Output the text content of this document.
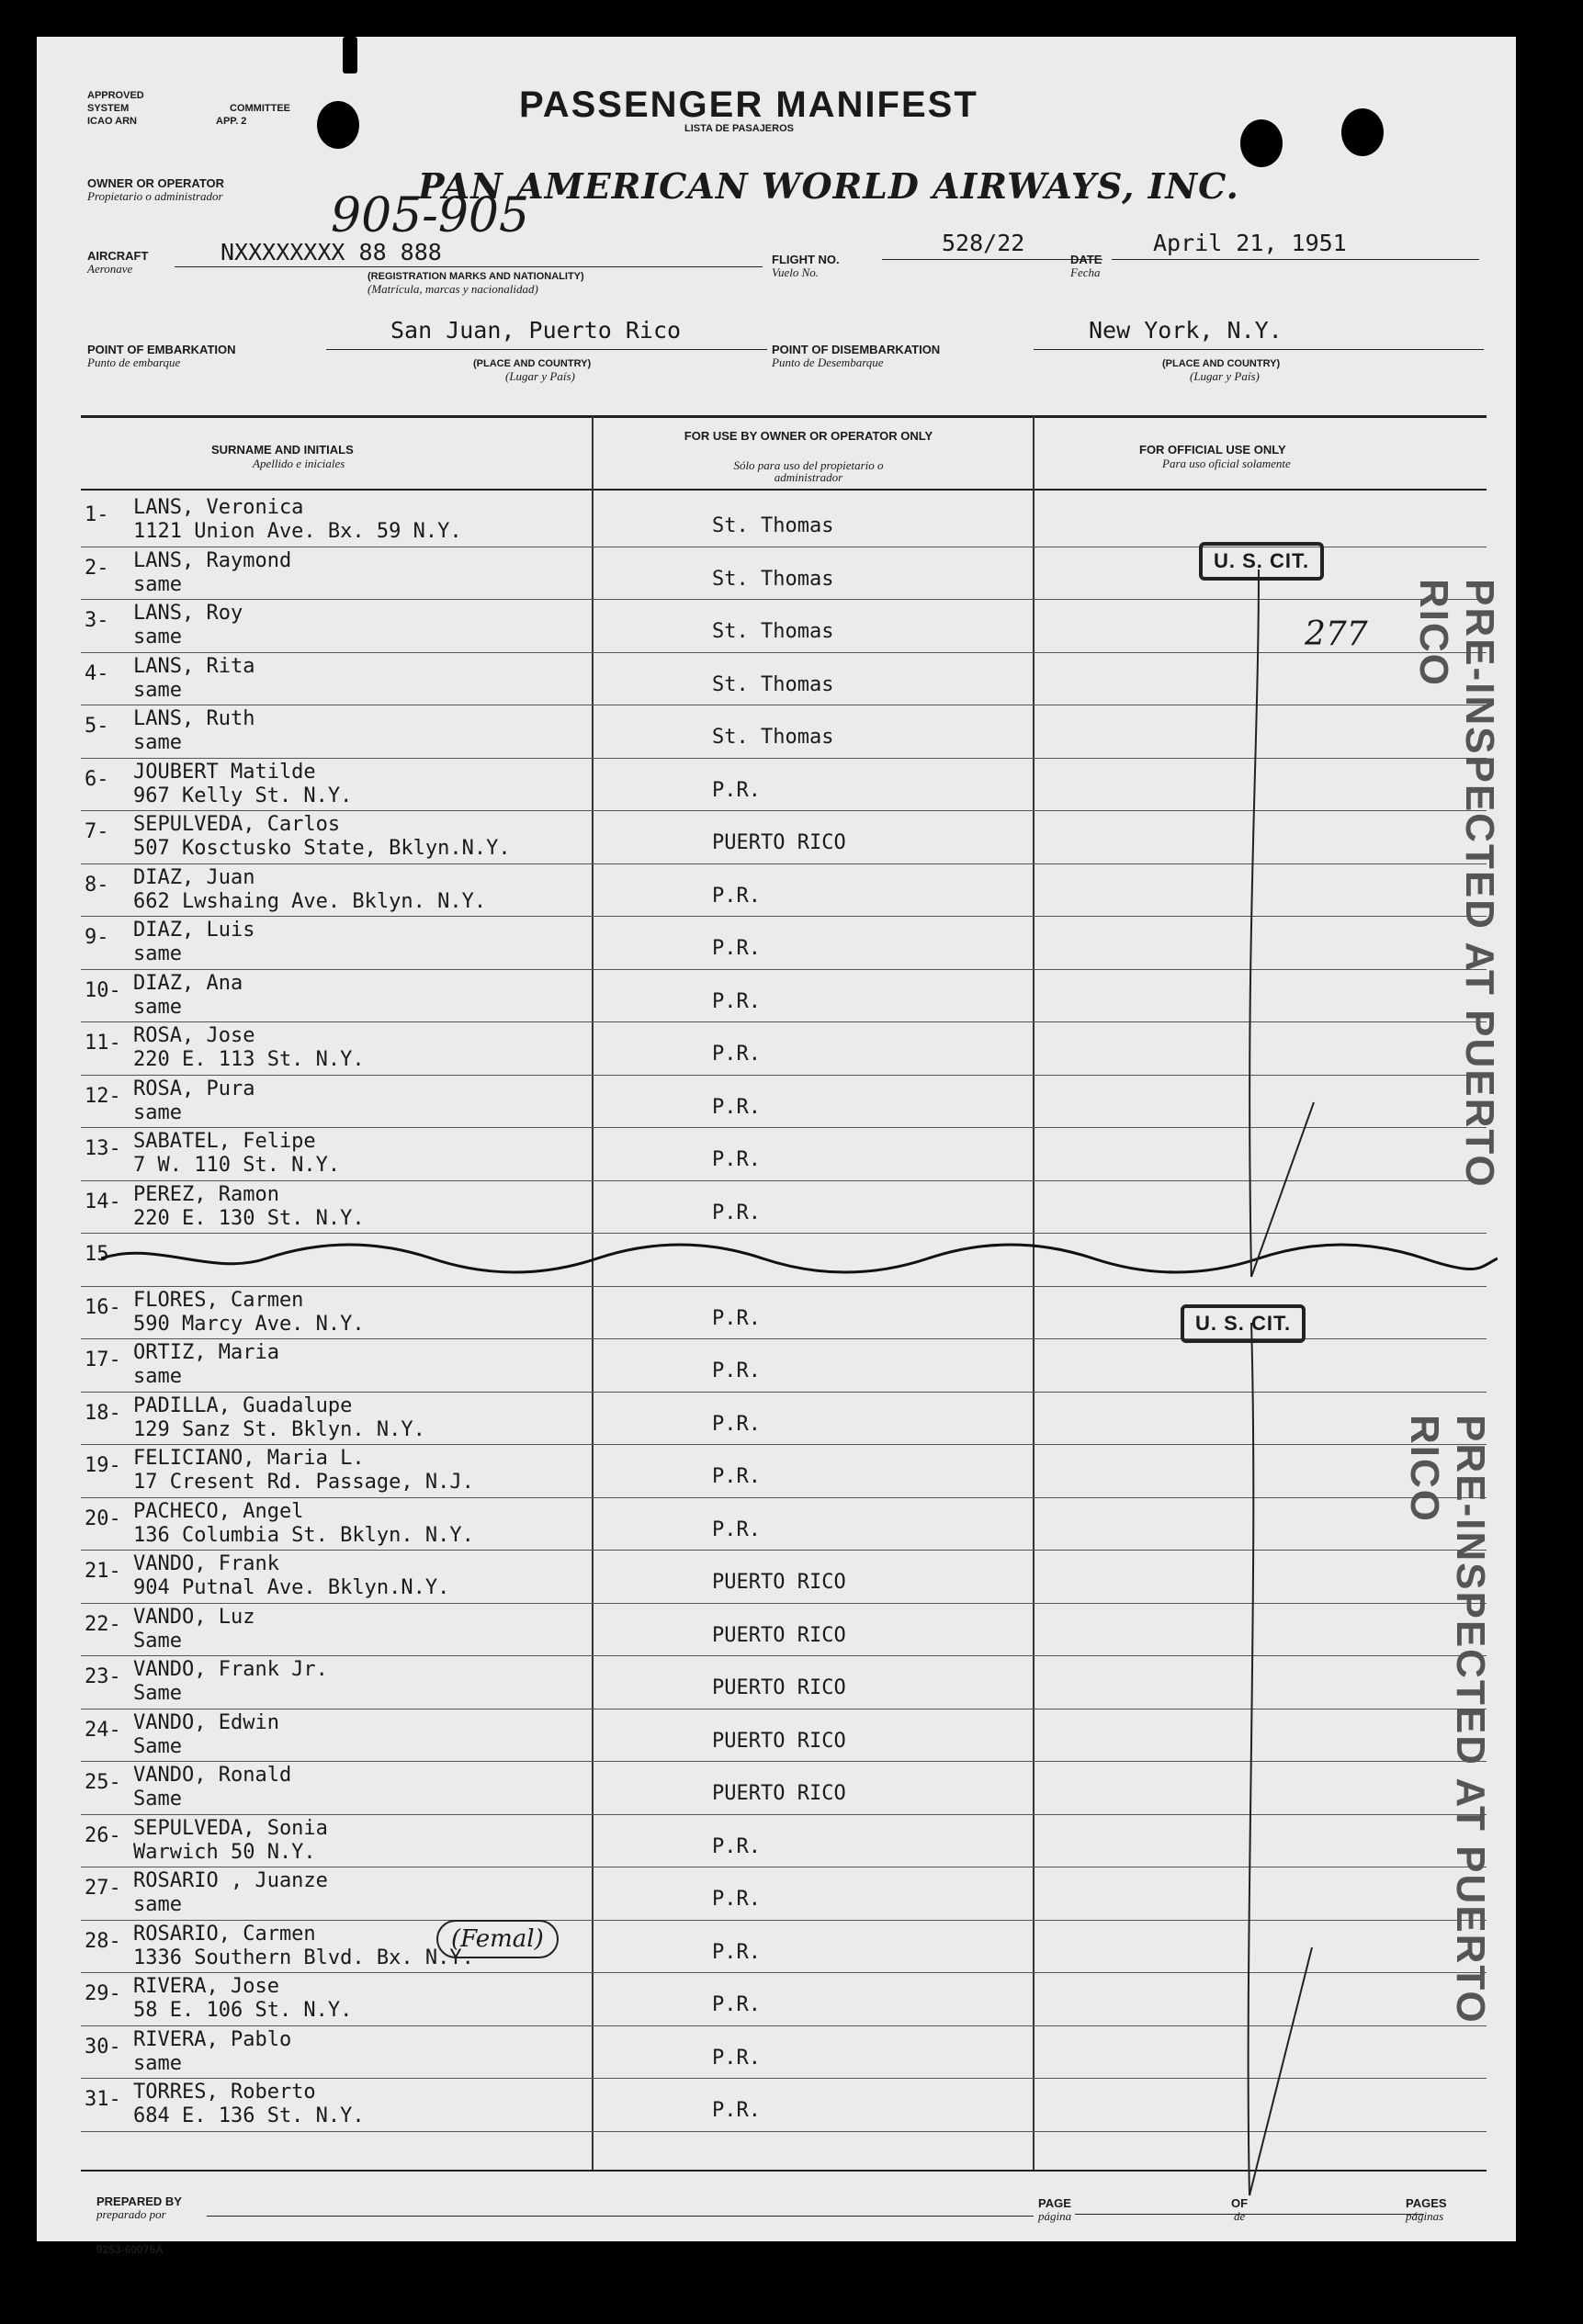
APPROVED
SYSTEM	COMMITTEE
ICAO ARN	APP. 2	PASSENGER MANIFEST
LISTA DE PASAJEROS
OWNER OR OPERATOR
Propietario o administrador	PAN AMERICAN WORLD AIRWAYS, INC.
905-905
AIRCRAFT
Aeronave
NXXXXXXXX 88 888
(REGISTRATION MARKS AND NATIONALITY)
(Matrícula, marcas y nacionalidad)
FLIGHT NO.
Vuelo No.
528/22
DATE
Fecha
April 21, 1951
POINT OF EMBARKATION
Punto de embarque
San Juan, Puerto Rico
(PLACE AND COUNTRY)
(Lugar y País)
POINT OF DISEMBARKATION
Punto de Desembarque
New York, N.Y.
(PLACE AND COUNTRY)
(Lugar y País)
SURNAME AND INITIALS
Apellido e iniciales
FOR USE BY OWNER OR OPERATOR ONLY
Sólo para uso del propietario o administrador
FOR OFFICIAL USE ONLY
Para uso oficial solamente
1- LANS, Veronica
1121 Union Ave. Bx. 59 N.Y.	St. Thomas
2- LANS, Raymond
same	St. Thomas
3- LANS, Roy
same	St. Thomas
4- LANS, Rita
same	St. Thomas
5- LANS, Ruth
same	St. Thomas
6- JOUBERT Matilde
967 Kelly St. N.Y.	P.R.
7- SEPULVEDA, Carlos
507 Kosctusko State, Bklyn.N.Y.	PUERTO RICO
8- DIAZ, Juan
662 Lwshaing Ave. Bklyn. N.Y.	P.R.
9- DIAZ, Luis
same	P.R.
10- DIAZ, Ana
same	P.R.
11- ROSA, Jose
220 E. 113 St. N.Y.	P.R.
12- ROSA, Pura
same	P.R.
13- SABATEL, Felipe
7 W. 110 St. N.Y.	P.R.
14- PEREZ, Ramon
220 E. 130 St. N.Y.	P.R.
15
16- FLORES, Carmen
590 Marcy Ave. N.Y.	P.R.
17- ORTIZ, Maria
same	P.R.
18- PADILLA, Guadalupe
129 Sanz St. Bklyn. N.Y.	P.R.
19- FELICIANO, Maria L.
17 Cresent Rd. Passage, N.J.	P.R.
20- PACHECO, Angel
136 Columbia St. Bklyn. N.Y.	P.R.
21- VANDO, Frank
904 Putnal Ave. Bklyn.N.Y.	PUERTO RICO
22- VANDO, Luz
Same	PUERTO RICO
23- VANDO, Frank Jr.
Same	PUERTO RICO
24- VANDO, Edwin
Same	PUERTO RICO
25- VANDO, Ronald
Same	PUERTO RICO
26- SEPULVEDA, Sonia
Warwich 50 N.Y.	P.R.
27- ROSARIO , Juanze
same	P.R.
28- ROSARIO, Carmen
1336 Southern Blvd. Bx. N.Y.	P.R.
29- RIVERA, Jose
58 E. 106 St. N.Y.	P.R.
30- RIVERA, Pablo
same	P.R.
31- TORRES, Roberto
684 E. 136 St. N.Y.	P.R.
U. S. CIT.
U. S. CIT.
277	PRE-INSPECTED AT PUERTO RICO
PRE-INSPECTED AT PUERTO RICO
(Femal)
PREPARED BY
preparado por
PAGE
página
OF
de
PAGES
páginas
9253-60075A
